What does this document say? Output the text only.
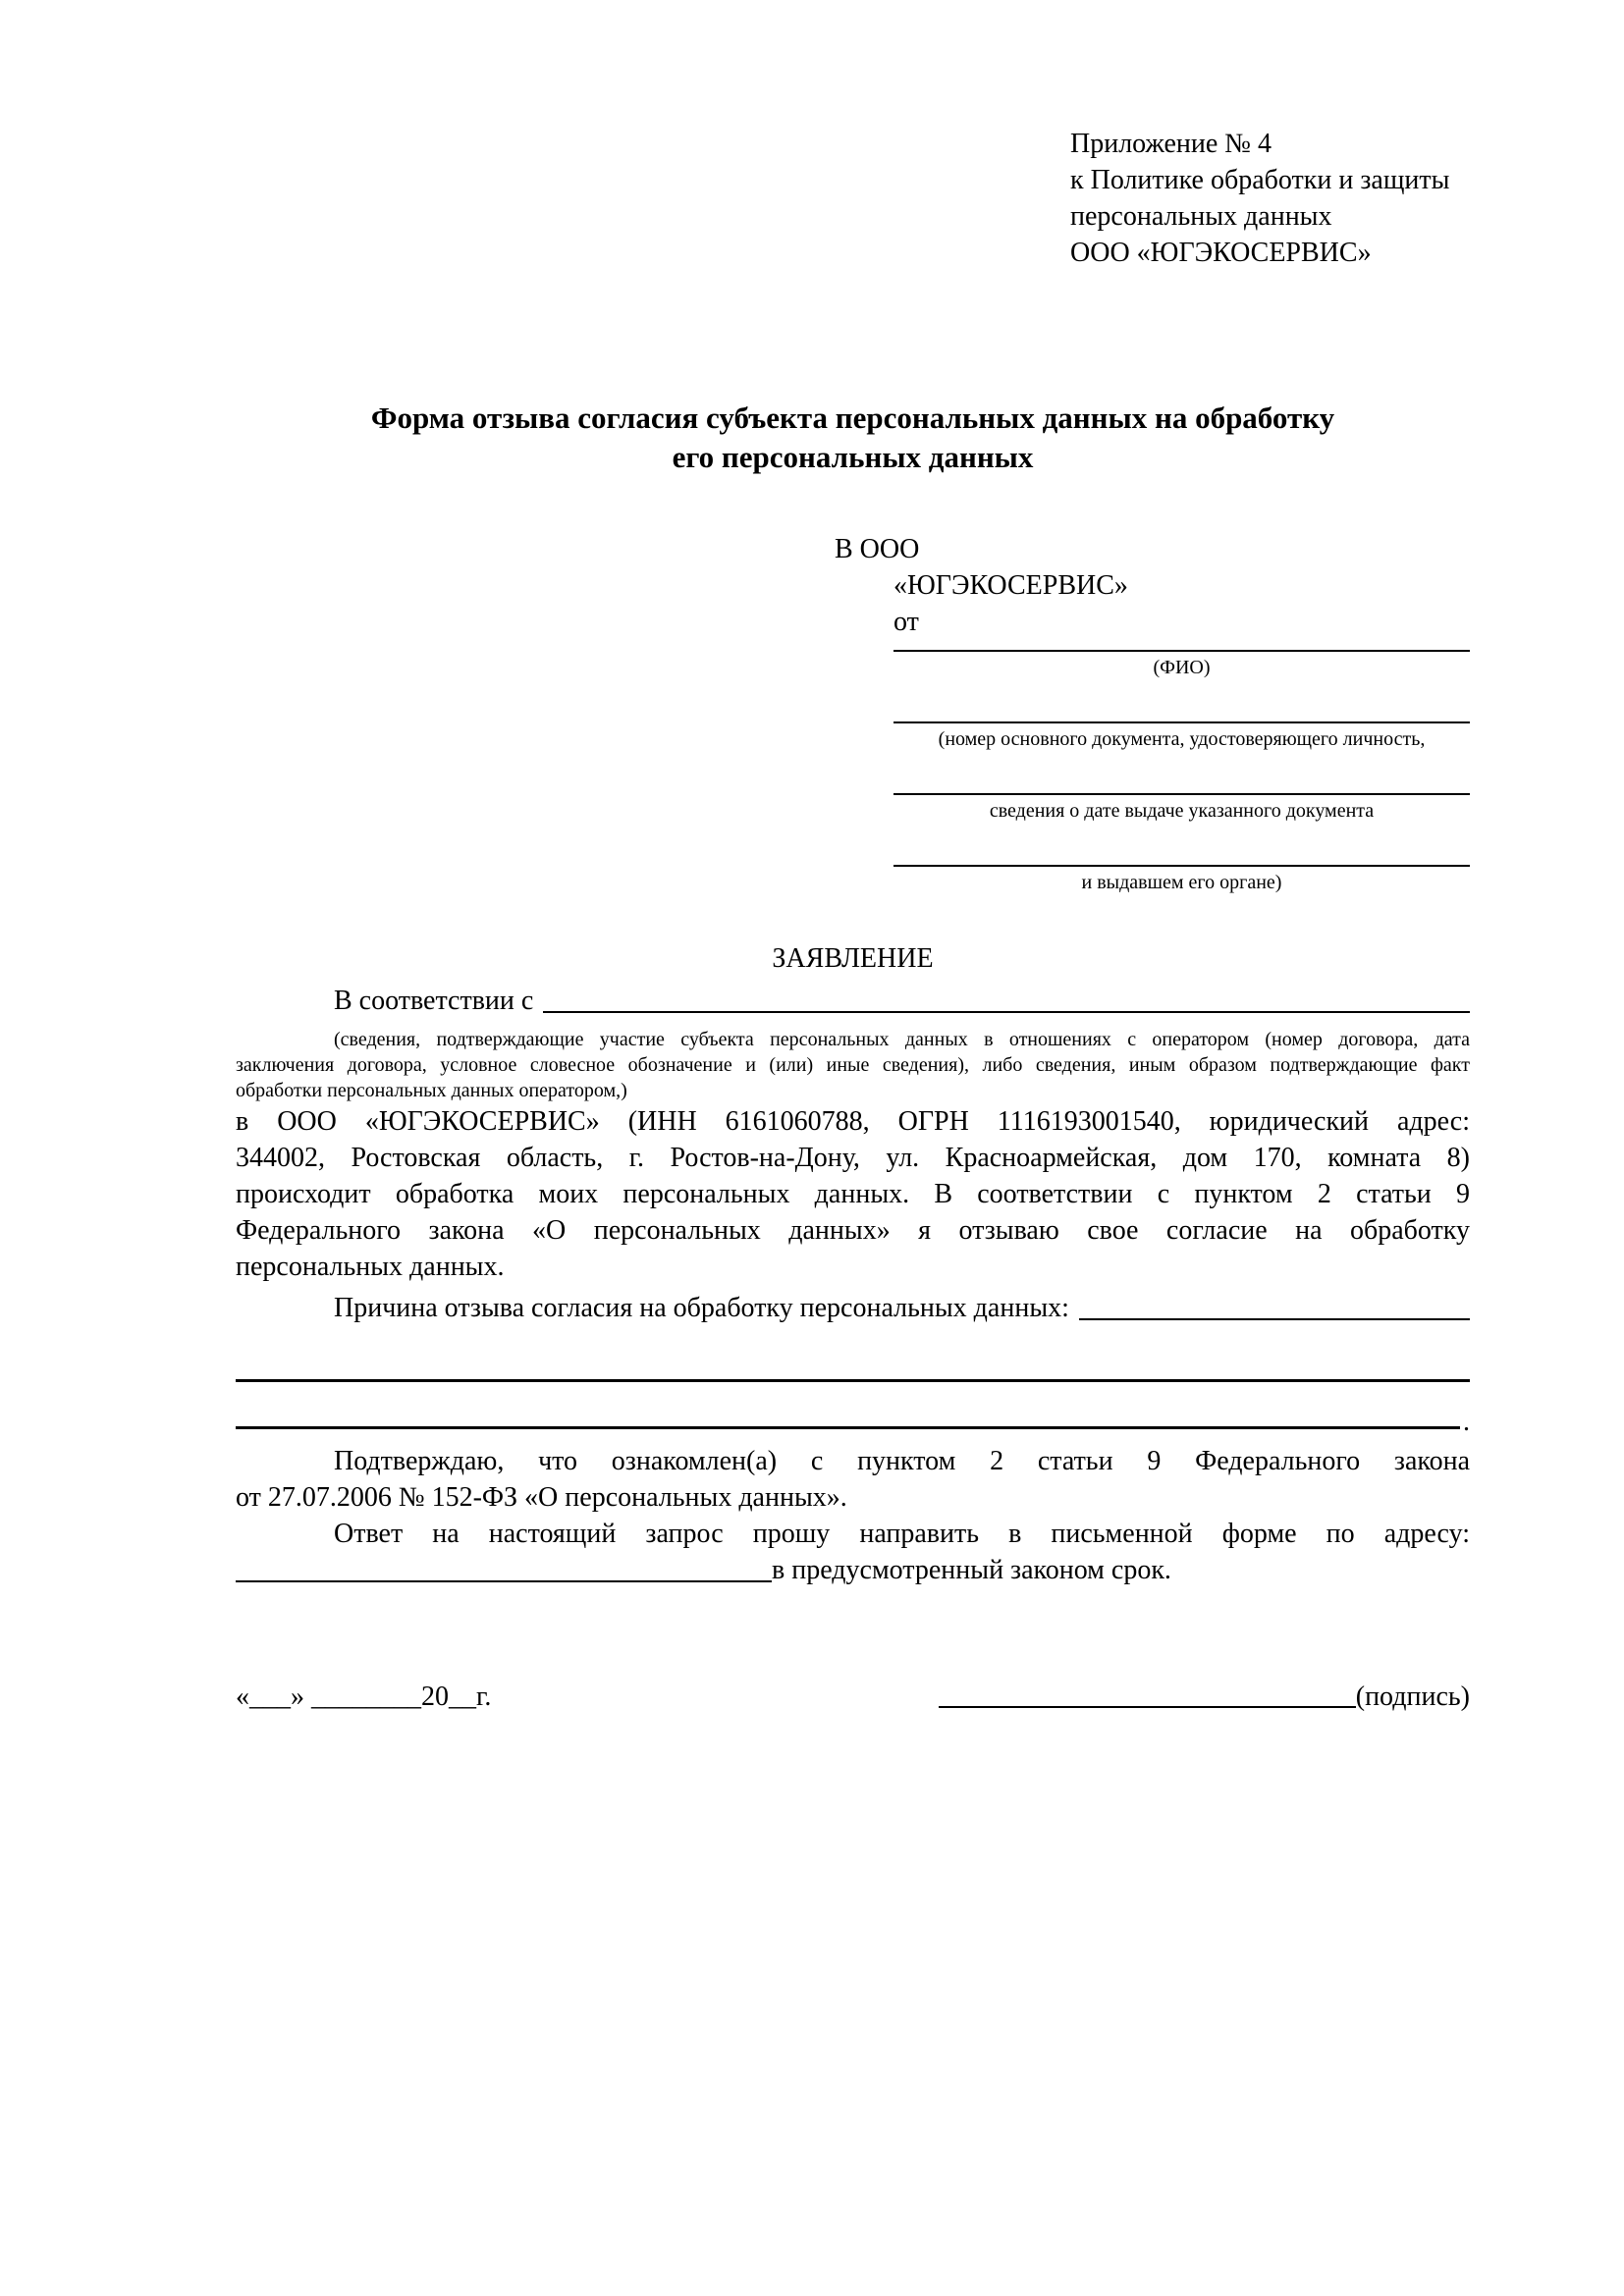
Приложение № 4
к Политике обработки и защиты
персональных данных
ООО «ЮГЭКОСЕРВИС»
Форма отзыва согласия субъекта персональных данных на обработку
его персональных данных
В ООО
«ЮГЭКОСЕРВИС»
от
(ФИО)
(номер основного документа, удостоверяющего личность,
сведения о дате выдаче указанного документа
и выдавшем его органе)
ЗАЯВЛЕНИЕ
В соответствии с
(сведения, подтверждающие участие субъекта персональных данных в отношениях с оператором (номер договора, дата
заключения договора, условное словесное обозначение и (или) иные сведения), либо сведения, иным образом подтверждающие факт
обработки персональных данных оператором,)
в ООО «ЮГЭКОСЕРВИС» (ИНН 6161060788, ОГРН 1116193001540, юридический адрес:
344002, Ростовская область, г. Ростов-на-Дону, ул. Красноармейская, дом 170, комната 8)
происходит обработка моих персональных данных. В соответствии с пунктом 2 статьи 9
Федерального закона «О персональных данных» я отзываю свое согласие на обработку
персональных данных.
Причина отзыва согласия на обработку персональных данных:
.
Подтверждаю, что ознакомлен(а) с пунктом 2 статьи 9 Федерального закона
от 27.07.2006 № 152-ФЗ «О персональных данных».
Ответ на настоящий запрос прошу направить в письменной форме по адресу:
в предусмотренный законом срок.
«___» ________20__г.	(подпись)
